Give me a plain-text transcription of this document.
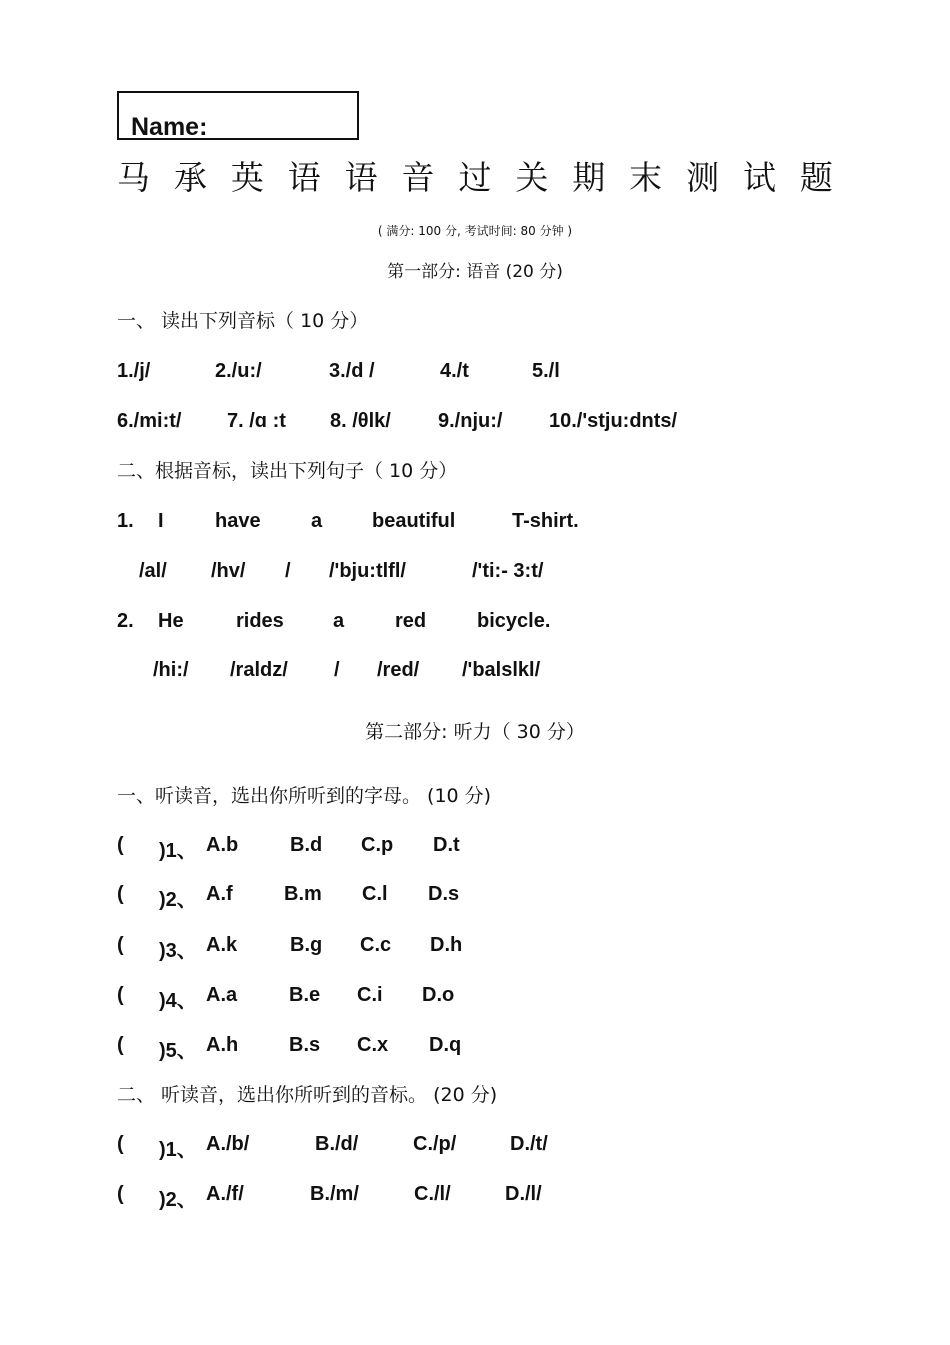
Name:
马 承 英 语 语 音 过 关 期 末 测 试 题
( 满分: 100 分, 考试时间: 80 分钟 )
第一部分: 语音 (20 分)
一、 读出下列音标（ 10 分）
1./j/	2./u:/	3./d /	4./t	5./l
6./mi:t/	7. /ɑ :t	8. /θlk/	9./nju:/	10./'stju:dnts/
二、根据音标，读出下列句子（ 10 分）
1.	I	have	a	beautiful	T-shirt.
/al/	/hv/	/	/'bju:tlfl/	/'ti:- 3:t/
2.	He	rides	a	red	bicycle.
/hi:/	/raldz/	/	/red/	/'balslkl/
第二部分: 听力（ 30 分）
一、听读音，选出你所听到的字母。 (10 分)
(	)1、 A.b	B.d	C.p	D.t
(	)2、 A.f	B.m	C.l	D.s
(	)3、 A.k	B.g	C.c	D.h
(	)4、 A.a	B.e	C.i	D.o
(	)5、 A.h	B.s	C.x	D.q
二、 听读音，选出你所听到的音标。 (20 分)
(	)1、 A./b/	B./d/	C./p/	D./t/
(	)2、 A./f/	B./m/	C./l/	D./l/
